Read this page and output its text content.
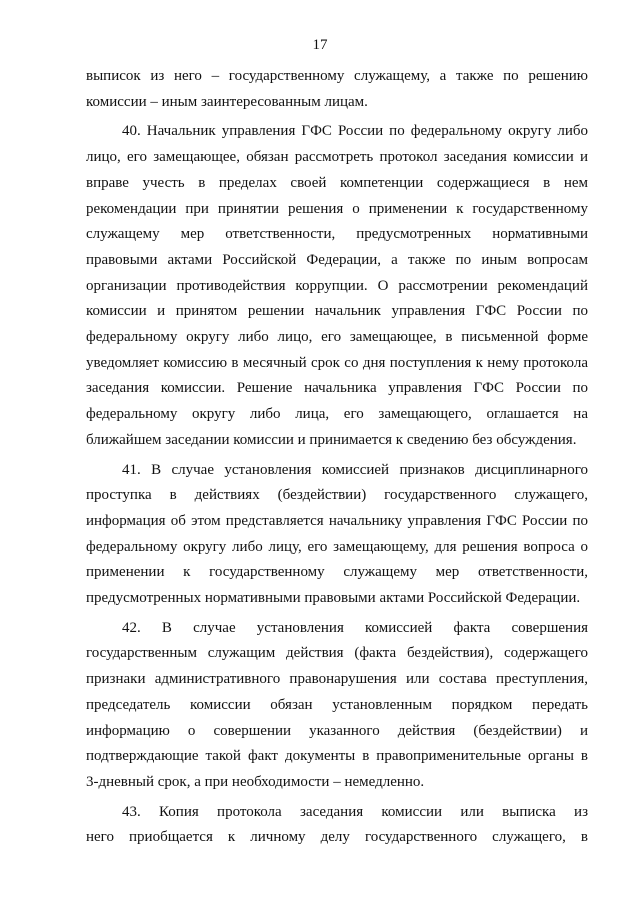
17
выписок из него – государственному служащему, а также по решению
комиссии – иным заинтересованным лицам.
40. Начальник управления ГФС России по федеральному округу либо
лицо, его замещающее, обязан рассмотреть протокол заседания комиссии и
вправе учесть в пределах своей компетенции содержащиеся в нем
рекомендации при принятии решения о применении к государственному
служащему мер ответственности, предусмотренных нормативными
правовыми актами Российской Федерации, а также по иным вопросам
организации противодействия коррупции. О рассмотрении рекомендаций
комиссии и принятом решении начальник управления ГФС России по
федеральному округу либо лицо, его замещающее, в письменной форме
уведомляет комиссию в месячный срок со дня поступления к нему протокола
заседания комиссии. Решение начальника управления ГФС России по
федеральному округу либо лица, его замещающего, оглашается на
ближайшем заседании комиссии и принимается к сведению без обсуждения.
41. В случае установления комиссией признаков дисциплинарного
проступка в действиях (бездействии) государственного служащего,
информация об этом представляется начальнику управления ГФС России по
федеральному округу либо лицу, его замещающему, для решения вопроса о
применении к государственному служащему мер ответственности,
предусмотренных нормативными правовыми актами Российской Федерации.
42. В случае установления комиссией факта совершения
государственным служащим действия (факта бездействия), содержащего
признаки административного правонарушения или состава преступления,
председатель комиссии обязан установленным порядком передать
информацию о совершении указанного действия (бездействии) и
подтверждающие такой факт документы в правоприменительные органы в
3-дневный срок, а при необходимости – немедленно.
43. Копия протокола заседания комиссии или выписка из
него приобщается к личному делу государственного служащего, в
